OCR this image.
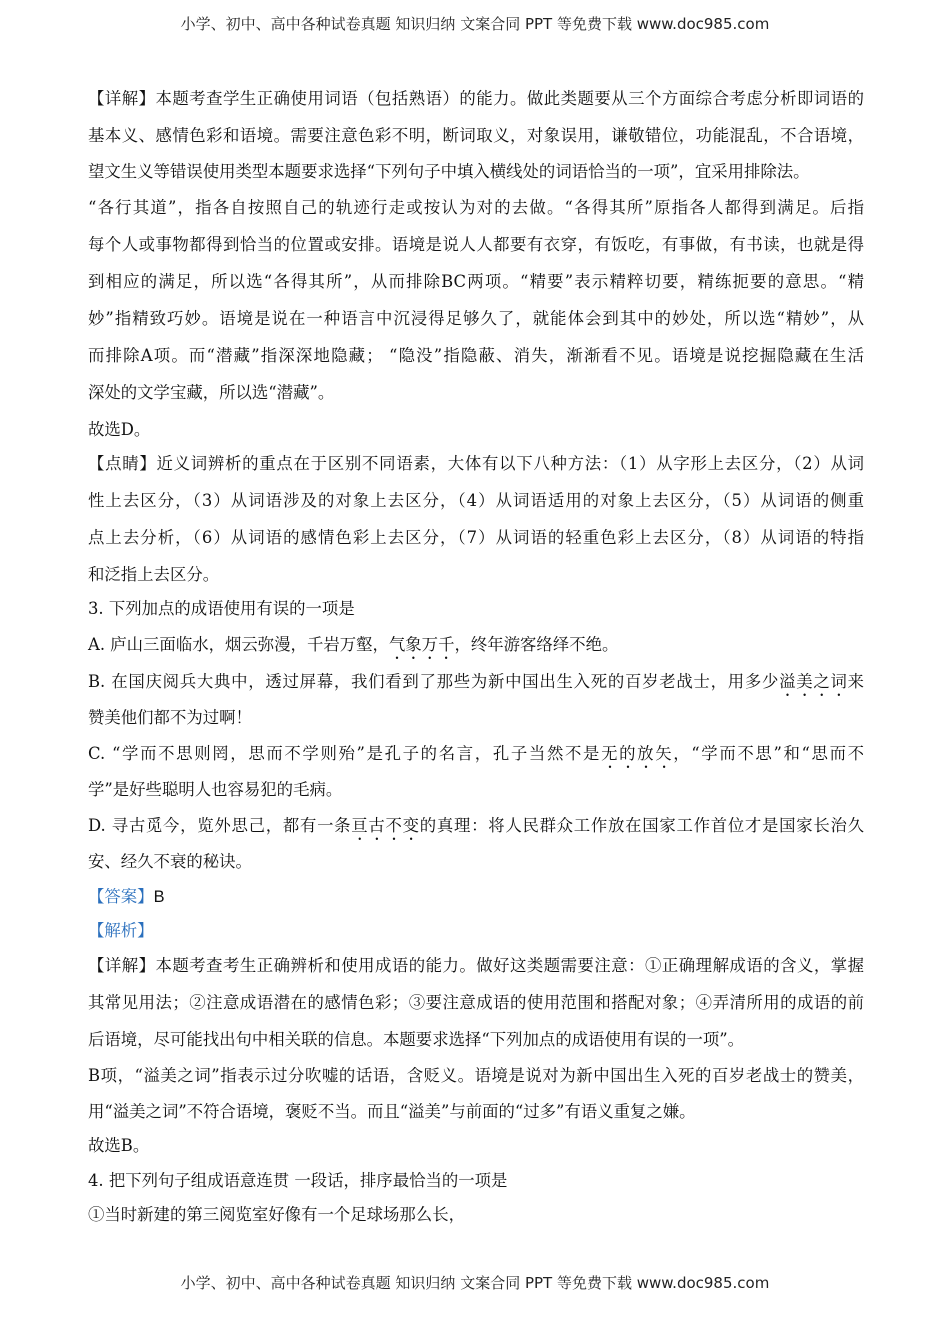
小学、初中、高中各种试卷真题 知识归纳 文案合同 PPT 等免费下载 www.doc985.com
【详解】本题考查学生正确使用词语（包括熟语）的能力。做此类题要从三个方面综合考虑分析即词语的
基本义、感情色彩和语境。需要注意色彩不明，断词取义，对象误用，谦敬错位，功能混乱，不合语境，
望文生义等错误使用类型本题要求选择“下列句子中填入横线处的词语恰当的一项”，宜采用排除法。
“各行其道”，指各自按照自己的轨迹行走或按认为对的去做。“各得其所”原指各人都得到满足。后指
每个人或事物都得到恰当的位置或安排。语境是说人人都要有衣穿，有饭吃，有事做，有书读，也就是得
到相应的满足，所以选“各得其所”，从而排除BC两项。“精要”表示精粹切要，精练扼要的意思。“精
妙”指精致巧妙。语境是说在一种语言中沉浸得足够久了，就能体会到其中的妙处，所以选“精妙”，从
而排除A项。而“潜藏”指深深地隐藏； “隐没”指隐蔽、消失，渐渐看不见。语境是说挖掘隐藏在生活
深处的文学宝藏，所以选“潜藏”。
故选D。
【点睛】近义词辨析的重点在于区别不同语素，大体有以下八种方法：（1）从字形上去区分，（2）从词
性上去区分，（3）从词语涉及的对象上去区分，（4）从词语适用的对象上去区分，（5）从词语的侧重
点上去分析，（6）从词语的感情色彩上去区分，（7）从词语的轻重色彩上去区分，（8）从词语的特指
和泛指上去区分。
3. 下列加点的成语使用有误的一项是
A. 庐山三面临水，烟云弥漫，千岩万壑，气象万千，终年游客络绎不绝。
B. 在国庆阅兵大典中，透过屏幕，我们看到了那些为新中国出生入死的百岁老战士，用多少溢美之词来
赞美他们都不为过啊！
C. “学而不思则罔，思而不学则殆”是孔子的名言，孔子当然不是无的放矢，“学而不思”和“思而不
学”是好些聪明人也容易犯的毛病。
D. 寻古觅今，览外思己，都有一条亘古不变的真理：将人民群众工作放在国家工作首位才是国家长治久
安、经久不衰的秘诀。
【答案】B
【解析】
【详解】本题考查考生正确辨析和使用成语的能力。做好这类题需要注意：①正确理解成语的含义，掌握
其常见用法；②注意成语潜在的感情色彩；③要注意成语的使用范围和搭配对象；④弄清所用的成语的前
后语境，尽可能找出句中相关联的信息。本题要求选择“下列加点的成语使用有误的一项”。
B项，“溢美之词”指表示过分吹嘘的话语，含贬义。语境是说对为新中国出生入死的百岁老战士的赞美，
用“溢美之词”不符合语境，褒贬不当。而且“溢美”与前面的“过多”有语义重复之嫌。
故选B。
4. 把下列句子组成语意连贯 一段话，排序最恰当的一项是
①当时新建的第三阅览室好像有一个足球场那么长，
小学、初中、高中各种试卷真题 知识归纳 文案合同 PPT 等免费下载 www.doc985.com
